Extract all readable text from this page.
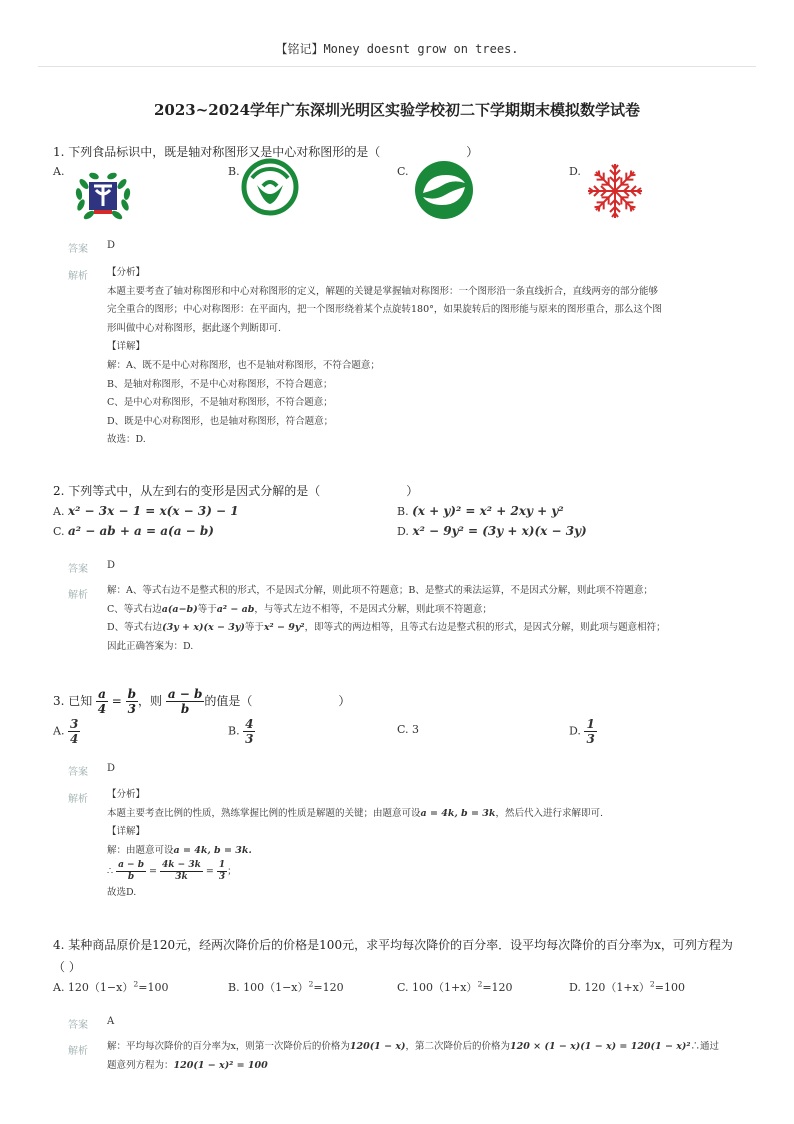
【铭记】Money doesnt grow on trees.
2023~2024学年广东深圳光明区实验学校初二下学期期末模拟数学试卷
1. 下列食品标识中，既是轴对称图形又是中心对称图形的是（	）
A.	B.	C.	D.
答案 D
解析 【分析】
本题主要考查了轴对称图形和中心对称图形的定义，解题的关键是掌握轴对称图形：一个图形沿一条直线折合，直线两旁的部分能够
完全重合的图形；中心对称图形：在平面内，把一个图形绕着某个点旋转180°，如果旋转后的图形能与原来的图形重合，那么这个图
形叫做中心对称图形，据此逐个判断即可.
【详解】
解：A、既不是中心对称图形，也不是轴对称图形，不符合题意；
B、是轴对称图形，不是中心对称图形，不符合题意；
C、是中心对称图形，不是轴对称图形，不符合题意；
D、既是中心对称图形，也是轴对称图形，符合题意；
故选：D.
2. 下列等式中，从左到右的变形是因式分解的是（	）
A. x² − 3x − 1 = x(x − 3) − 1	B. (x + y)² = x² + 2xy + y²
C. a² − ab + a = a(a − b)	D. x² − 9y² = (3y + x)(x − 3y)
答案 D
解析 解：A、等式右边不是整式积的形式，不是因式分解，则此项不符题意；B、是整式的乘法运算，不是因式分解，则此项不符题意；
C、等式右边a(a−b)等于a² − ab，与等式左边不相等，不是因式分解，则此项不符题意；
D、等式右边(3y + x)(x − 3y)等于x² − 9y²，即等式的两边相等，且等式右边是整式积的形式，是因式分解，则此项与题意相符；
因此正确答案为：D.
3. 已知 $\frac{a}{4} = \frac{b}{3}$ ，则 $\frac{a - b}{b}$ 的值是（	）
A. $\frac{3}{4}$	B. $\frac{4}{3}$	C. 3	D. $\frac{1}{3}$
答案 D
解析 【分析】
本题主要考查比例的性质，熟练掌握比例的性质是解题的关键；由题意可设a = 4k, b = 3k，然后代入进行求解即可.
【详解】
解：由题意可设a = 4k, b = 3k.
∴ $\frac{a - b}{b} = \frac{4k - 3k}{3k} = \frac{1}{3}$ ；
故选D.
4. 某种商品原价是120元，经两次降价后的价格是100元，求平均每次降价的百分率．设平均每次降价的百分率为x，可列方程为
（ ）
A. $120(1-x)^2=100$	B. $100(1-x)^2=120$	C. $100(1+x)^2=120$	D. $120(1+x)^2=100$
答案 A
解析 解：平均每次降价的百分率为x，则第一次降价后的价格为120(1 − x)，第二次降价后的价格为120 × (1 − x)(1 − x) = 120(1 − x)²∴通过
题意列方程为：120(1 − x)² = 100
